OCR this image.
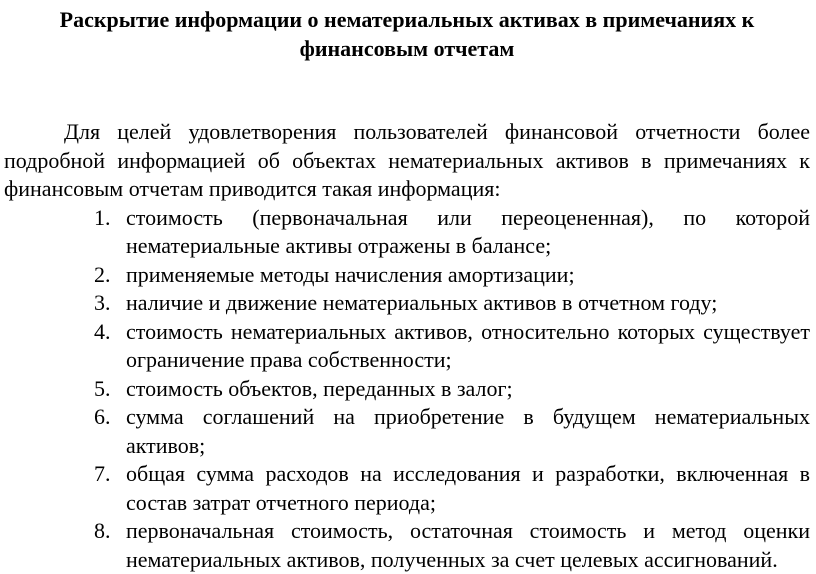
Раскрытие информации о нематериальных активах в примечаниях к
финансовым отчетам

Для целей удовлетворения пользователей финансовой отчетности более подробной информацией об объектах нематериальных активов в примечаниях к финансовым отчетам приводится такая информация:

1. стоимость (первоначальная или переоцененная), по которой нематериальные активы отражены в балансе;
2. применяемые методы начисления амортизации;
3. наличие и движение нематериальных активов в отчетном году;
4. стоимость нематериальных активов, относительно которых существует ограничение права собственности;
5. стоимость объектов, переданных в залог;
6. сумма соглашений на приобретение в будущем нематериальных активов;
7. общая сумма расходов на исследования и разработки, включенная в состав затрат отчетного периода;
8. первоначальная стоимость, остаточная стоимость и метод оценки нематериальных активов, полученных за счет целевых ассигнований.
